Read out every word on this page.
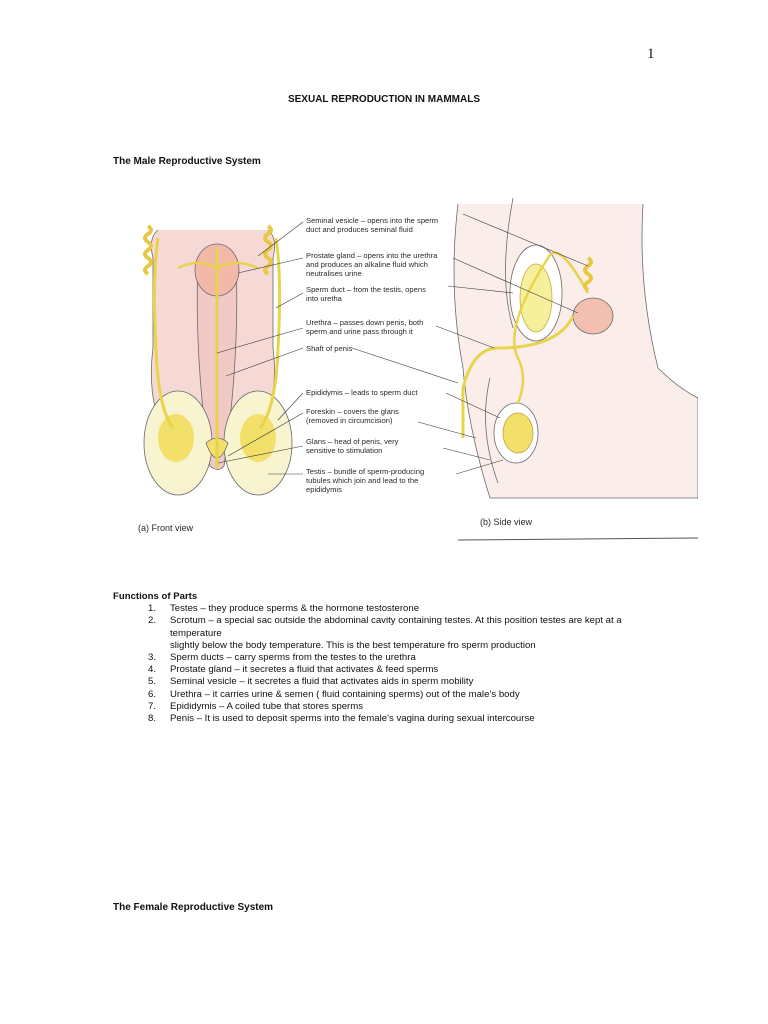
1
SEXUAL REPRODUCTION IN MAMMALS
The Male Reproductive System
Seminal vesicle – opens into the sperm duct and produces seminal fluid
Prostate gland – opens into the urethra and produces an alkaline fluid which neutralises urine
Sperm duct – from the testis, opens into uretha
Urethra – passes down penis, both sperm and urine pass through it
Shaft of penis
Epididymis – leads to sperm duct
Foreskin – covers the glans (removed in circumcision)
Glans – head of penis, very sensitive to stimulation
Testis – bundle of sperm-producing tubules which join and lead to the epididymis
(a) Front view
(b) Side view
Functions of Parts
1.	Testes – they produce sperms & the hormone testosterone
2.	Scrotum – a special sac outside the abdominal cavity containing testes. At this position testes are kept at a temperature
slightly below the body temperature. This is the best temperature fro sperm production
3.	Sperm ducts – carry sperms from the testes to the urethra
4.	Prostate gland – it secretes a fluid that activates & feed sperms
5.	Seminal vesicle – it secretes a fluid that activates aids in sperm mobility
6.	Urethra – it carries urine & semen ( fluid containing sperms) out of the male’s body
7.	Epididymis – A coiled tube that stores sperms
8.	Penis – It is used to deposit sperms into the female’s vagina during sexual intercourse
The Female Reproductive System
